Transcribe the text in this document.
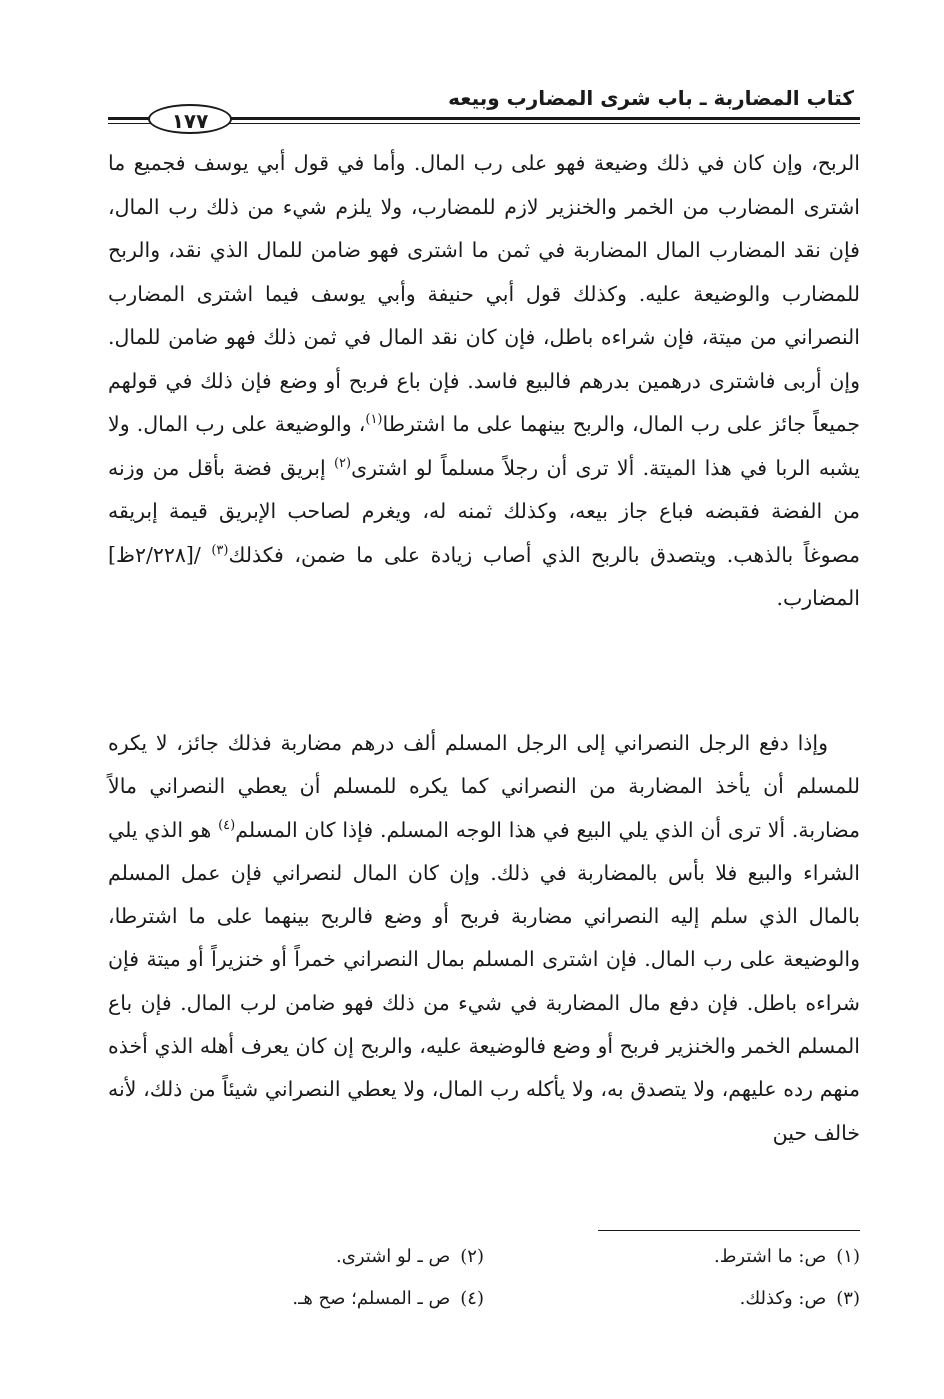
كتاب المضاربة ـ باب شرى المضارب وبيعه
١٧٧
الربح، وإن كان في ذلك وضيعة فهو على رب المال. وأما في قول أبي يوسف فجميع ما اشترى المضارب من الخمر والخنزير لازم للمضارب، ولا يلزم شيء من ذلك رب المال، فإن نقد المضارب المال المضاربة في ثمن ما اشترى فهو ضامن للمال الذي نقد، والربح للمضارب والوضيعة عليه. وكذلك قول أبي حنيفة وأبي يوسف فيما اشترى المضارب النصراني من ميتة، فإن شراءه باطل، فإن كان نقد المال في ثمن ذلك فهو ضامن للمال. وإن أربى فاشترى درهمين بدرهم فالبيع فاسد. فإن باع فربح أو وضع فإن ذلك في قولهم جميعاً جائز على رب المال، والربح بينهما على ما اشترطا$^{(١)}$، والوضيعة على رب المال. ولا يشبه الربا في هذا الميتة. ألا ترى أن رجلاً مسلماً لو اشترى$^{(٢)}$ إبريق فضة بأقل من وزنه من الفضة فقبضه فباع جاز بيعه، وكذلك ثمنه له، ويغرم لصاحب الإبريق قيمة إبريقه مصوغاً بالذهب. ويتصدق بالربح الذي أصاب زيادة على ما ضمن، فكذلك$^{(٣)}$ /[٢/٢٢٨ظ] المضارب.
وإذا دفع الرجل النصراني إلى الرجل المسلم ألف درهم مضاربة فذلك جائز، لا يكره للمسلم أن يأخذ المضاربة من النصراني كما يكره للمسلم أن يعطي النصراني مالاً مضاربة. ألا ترى أن الذي يلي البيع في هذا الوجه المسلم. فإذا كان المسلم$^{(٤)}$ هو الذي يلي الشراء والبيع فلا بأس بالمضاربة في ذلك. وإن كان المال لنصراني فإن عمل المسلم بالمال الذي سلم إليه النصراني مضاربة فربح أو وضع فالربح بينهما على ما اشترطا، والوضيعة على رب المال. فإن اشترى المسلم بمال النصراني خمراً أو خنزيراً أو ميتة فإن شراءه باطل. فإن دفع مال المضاربة في شيء من ذلك فهو ضامن لرب المال. فإن باع المسلم الخمر والخنزير فربح أو وضع فالوضيعة عليه، والربح إن كان يعرف أهله الذي أخذه منهم رده عليهم، ولا يتصدق به، ولا يأكله رب المال، ولا يعطي النصراني شيئاً من ذلك، لأنه خالف حين
(١)ص: ما اشترط.
(٢)ص ـ لو اشترى.
(٣)ص: وكذلك.
(٤)ص ـ المسلم؛ صح هـ.
